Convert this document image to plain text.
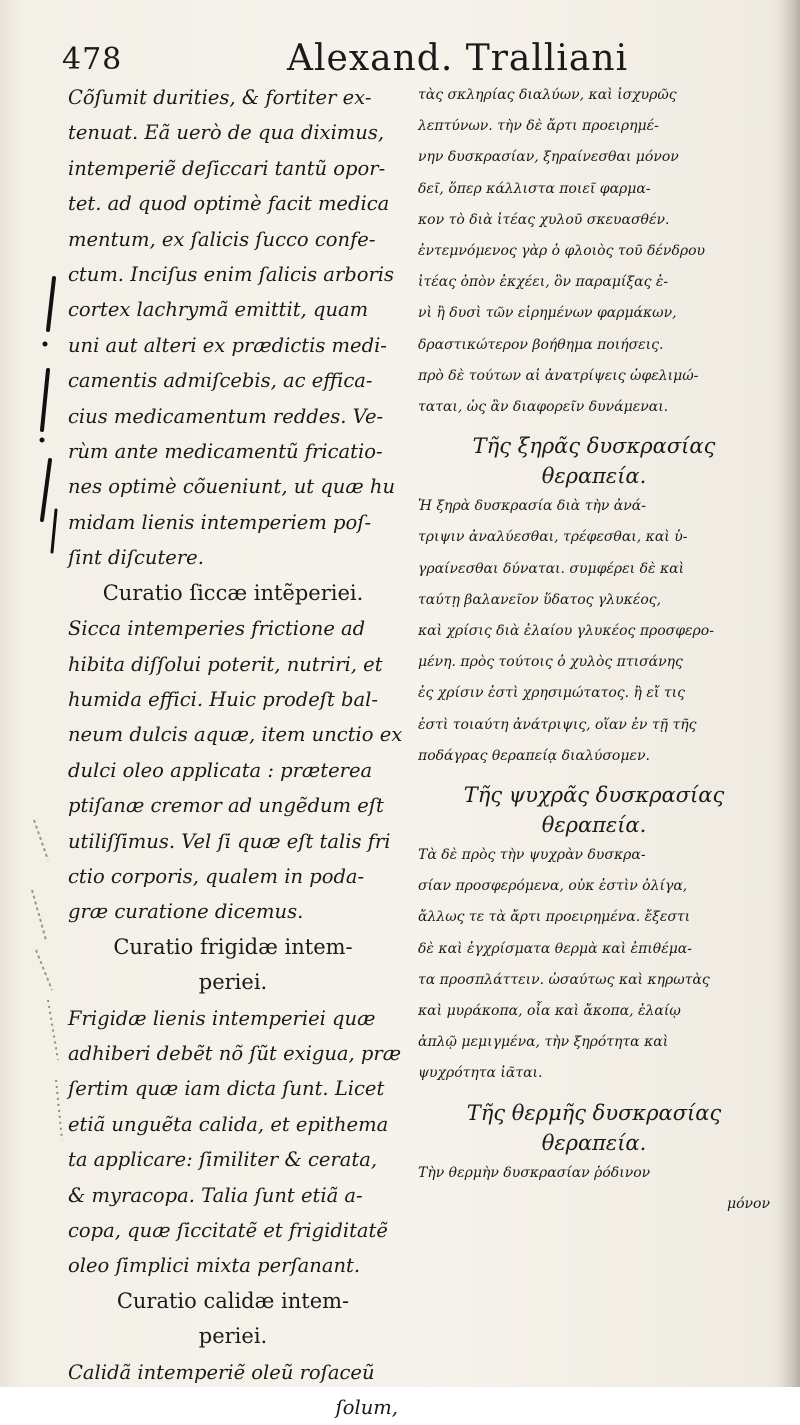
478	Alexand. Tralliani

Cõſumit durities, & fortiter ex-

tenuat. Eã uerò de qua diximus,

intemperiẽ deſiccari tantũ opor-

tet. ad quod optimè facit medica

mentum, ex ſalicis ſucco confe-

ctum. Inciſus enim ſalicis arboris

cortex lachrymã emittit, quam

uni aut alteri ex prædictis medi-

camentis admiſcebis, ac effica-

cius medicamentum reddes. Ve-

rùm ante medicamentũ fricatio-

nes optimè cõueniunt, ut quæ hu

midam lienis intemperiem poſ-

ſint diſcutere.

Curatio ſiccæ intẽperiei.

Sicca intemperies frictione ad

hibita diſſolui poterit, nutriri, et

humida effici. Huic prodeſt bal-

neum dulcis aquæ, item unctio ex

dulci oleo applicata : præterea

ptiſanæ cremor ad ungẽdum eſt

utiliſſimus. Vel ſi quæ eſt talis fri

ctio corporis, qualem in poda-

græ curatione dicemus.

Curatio frigidæ intem-

periei.

Frigidæ lienis intemperiei quæ

adhiberi debẽt nõ ſũt exigua, præ

ſertim quæ iam dicta ſunt. Licet

etiã unguẽta calida, et epithema

ta applicare: ſimiliter & cerata,

& myracopa. Talia ſunt etiã a-

copa, quæ ſiccitatẽ et frigiditatẽ

oleo ſimplici mixta perſanant.

Curatio calidæ intem-

periei.

Calidã intemperiẽ oleũ roſaceũ

ſolum,

τὰς σκληρίας διαλύων, καὶ ἰσχυρῶς

λεπτύνων. τὴν δὲ ἄρτι προειρημέ-

νην δυσκρασίαν, ξηραίνεσθαι μόνον

δεῖ, ὅπερ κάλλιστα ποιεῖ φαρμα-

κον τὸ διὰ ἰτέας χυλοῦ σκευασθέν.

ἐντεμνόμενος γὰρ ὁ φλοιὸς τοῦ δένδρου

ἰτέας ὀπὸν ἐκχέει, ὃν παραμίξας ἑ-

νὶ ἢ δυσὶ τῶν εἰρημένων φαρμάκων,

δραστικώτερον βοήθημα ποιήσεις.

πρὸ δὲ τούτων αἱ ἀνατρίψεις ὠφελιμώ-

ταται, ὡς ἂν διαφορεῖν δυνάμεναι.

Τῆς ξηρᾶς δυσκρασίας

θεραπεία.

Ἡ ξηρὰ δυσκρασία διὰ τὴν ἀνά-

τριψιν ἀναλύεσθαι, τρέφεσθαι, καὶ ὑ-

γραίνεσθαι δύναται. συμφέρει δὲ καὶ

ταύτῃ βαλανεῖον ὕδατος γλυκέος,

καὶ χρίσις διὰ ἐλαίου γλυκέος προσφερο-

μένη. πρὸς τούτοις ὁ χυλὸς πτισάνης

ἐς χρίσιν ἐστὶ χρησιμώτατος. ἢ εἴ τις

ἐστὶ τοιαύτη ἀνάτριψις, οἵαν ἐν τῇ τῆς

ποδάγρας θεραπείᾳ διαλύσομεν.

Τῆς ψυχρᾶς δυσκρασίας

θεραπεία.

Τὰ δὲ πρὸς τὴν ψυχρὰν δυσκρα-

σίαν προσφερόμενα, οὐκ ἐστὶν ὀλίγα,

ἄλλως τε τὰ ἄρτι προειρημένα. ἔξεστι

δὲ καὶ ἐγχρίσματα θερμὰ καὶ ἐπιθέμα-

τα προσπλάττειν. ὡσαύτως καὶ κηρωτὰς

καὶ μυράκοπα, οἷα καὶ ἄκοπα, ἐλαίῳ

ἁπλῷ μεμιγμένα, τὴν ξηρότητα καὶ

ψυχρότητα ἰᾶται.

Τῆς θερμῆς δυσκρασίας

θεραπεία.

Τὴν θερμὴν δυσκρασίαν ῥόδινον

μόνον
